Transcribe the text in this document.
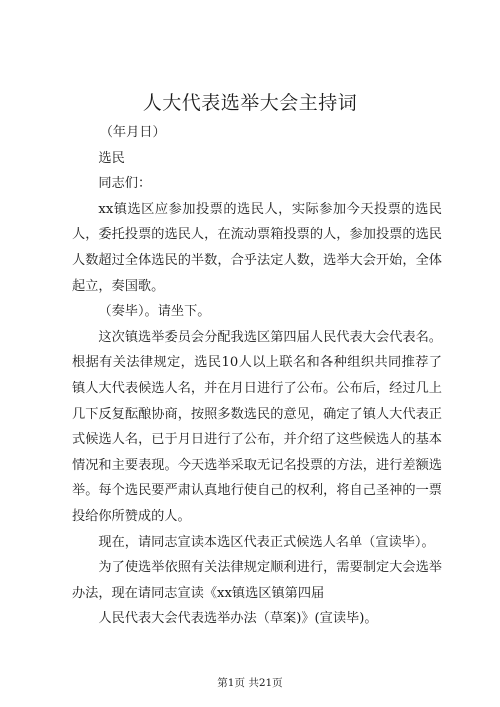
人大代表选举大会主持词

（年月日）

选民

同志们：

xx镇选区应参加投票的选民人，实际参加今天投票的选民人，委托投票的选民人，在流动票箱投票的人，参加投票的选民人数超过全体选民的半数，合乎法定人数，选举大会开始，全体起立，奏国歌。

（奏毕）。请坐下。

这次镇选举委员会分配我选区第四届人民代表大会代表名。根据有关法律规定，选民10人以上联名和各种组织共同推荐了镇人大代表候选人名，并在月日进行了公布。公布后，经过几上几下反复酝酿协商，按照多数选民的意见，确定了镇人大代表正式候选人名，已于月日进行了公布，并介绍了这些候选人的基本情况和主要表现。今天选举采取无记名投票的方法，进行差额选举。每个选民要严肃认真地行使自己的权利，将自己圣神的一票投给你所赞成的人。

现在，请同志宣读本选区代表正式候选人名单（宣读毕）。

为了使选举依照有关法律规定顺利进行，需要制定大会选举办法，现在请同志宣读《xx镇选区镇第四届

人民代表大会代表选举办法（草案)》(宣读毕)。

第1页 共21页
